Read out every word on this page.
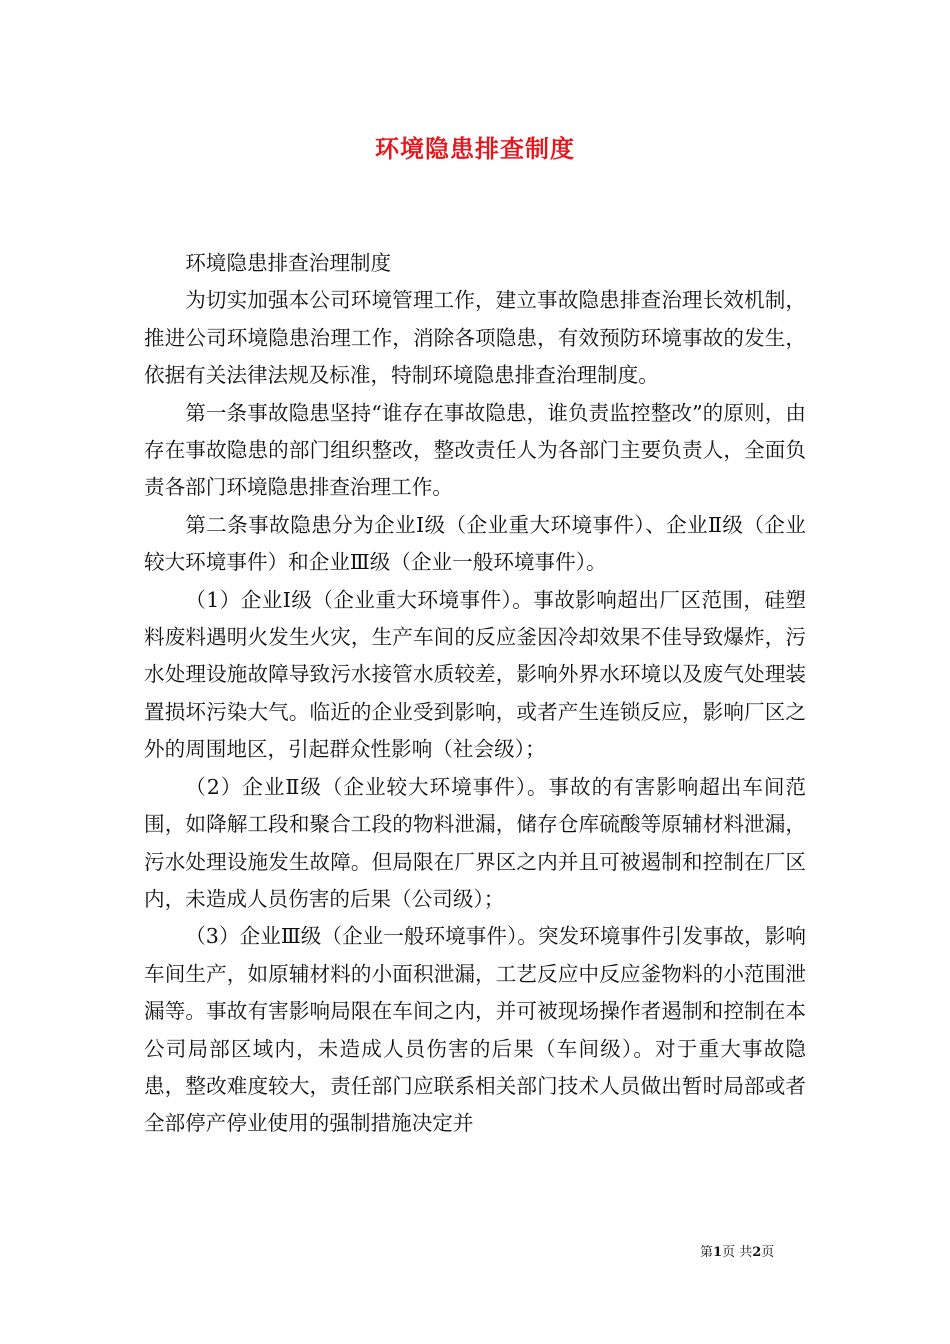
环境隐患排查制度

环境隐患排查治理制度

为切实加强本公司环境管理工作，建立事故隐患排查治理长效机制，推进公司环境隐患治理工作，消除各项隐患，有效预防环境事故的发生，依据有关法律法规及标准，特制环境隐患排查治理制度。

第一条事故隐患坚持“谁存在事故隐患，谁负责监控整改”的原则，由存在事故隐患的部门组织整改，整改责任人为各部门主要负责人，全面负责各部门环境隐患排查治理工作。

第二条事故隐患分为企业Ⅰ级（企业重大环境事件）、企业Ⅱ级（企业较大环境事件）和企业Ⅲ级（企业一般环境事件）。

（1）企业Ⅰ级（企业重大环境事件）。事故影响超出厂区范围，硅塑料废料遇明火发生火灾，生产车间的反应釜因冷却效果不佳导致爆炸，污水处理设施故障导致污水接管水质较差，影响外界水环境以及废气处理装置损坏污染大气。临近的企业受到影响，或者产生连锁反应，影响厂区之外的周围地区，引起群众性影响（社会级）；

（2）企业Ⅱ级（企业较大环境事件）。事故的有害影响超出车间范围，如降解工段和聚合工段的物料泄漏，储存仓库硫酸等原辅材料泄漏，污水处理设施发生故障。但局限在厂界区之内并且可被遏制和控制在厂区内，未造成人员伤害的后果（公司级）；

（3）企业Ⅲ级（企业一般环境事件）。突发环境事件引发事故，影响车间生产，如原辅材料的小面积泄漏，工艺反应中反应釜物料的小范围泄漏等。事故有害影响局限在车间之内，并可被现场操作者遏制和控制在本公司局部区域内，未造成人员伤害的后果（车间级）。对于重大事故隐患，整改难度较大，责任部门应联系相关部门技术人员做出暂时局部或者全部停产停业使用的强制措施决定并

第1页 共2页
